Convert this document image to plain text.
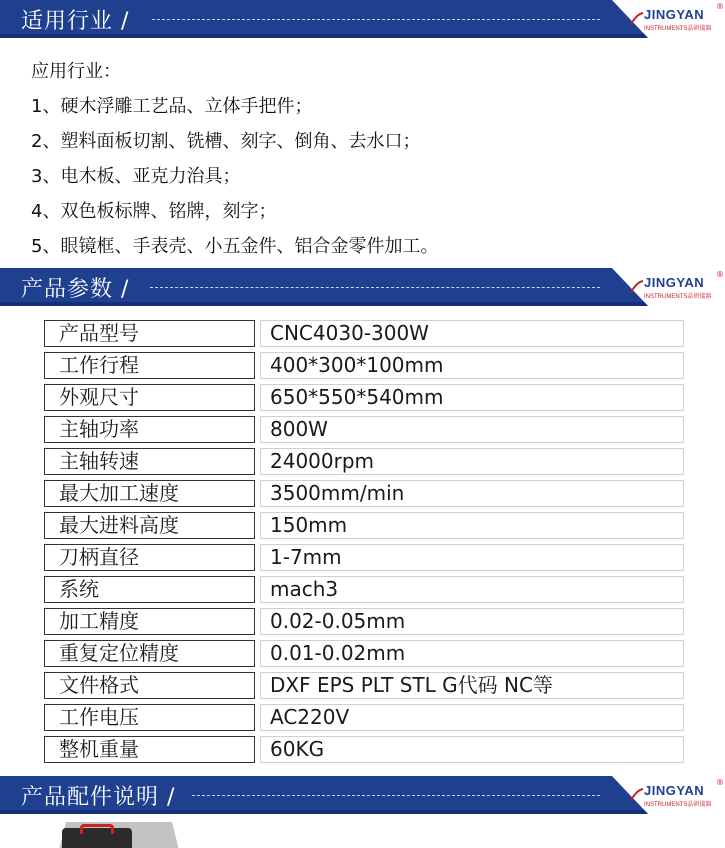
适用行业 /	JINGYAN
®
INSTRUMENTS晶研儀器
应用行业：
1、硬木浮雕工艺品、立体手把件；
2、塑料面板切割、铣槽、刻字、倒角、去水口；
3、电木板、亚克力治具；
4、双色板标牌、铭牌，刻字；
5、眼镜框、手表壳、小五金件、铝合金零件加工。
产品参数 /	JINGYAN
®
INSTRUMENTS晶研儀器
产品型号	CNC4030-300W
工作行程	400*300*100mm
外观尺寸	650*550*540mm
主轴功率	800W
主轴转速	24000rpm
最大加工速度	3500mm/min
最大进料高度	150mm
刀柄直径	1-7mm
系统	mach3
加工精度	0.02-0.05mm
重复定位精度	0.01-0.02mm
文件格式	DXF EPS PLT STL G代码 NC等
工作电压	AC220V
整机重量	60KG
产品配件说明 /	JINGYAN
®
INSTRUMENTS晶研儀器
